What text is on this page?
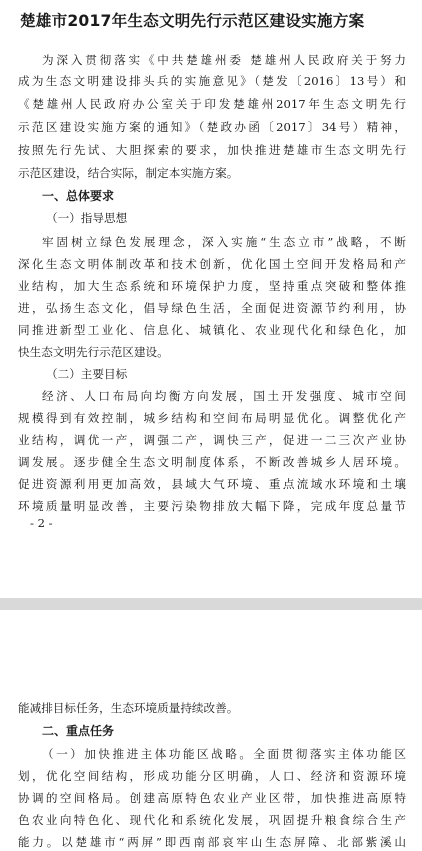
楚雄市2017年生态文明先行示范区建设实施方案
为深入贯彻落实《中共楚雄州委 楚雄州人民政府关于努力
成为生态文明建设排头兵的实施意见》（楚发〔2016〕13号）和
《楚雄州人民政府办公室关于印发楚雄州2017年生态文明先行
示范区建设实施方案的通知》（楚政办函〔2017〕34号）精神，
按照先行先试、大胆探索的要求，加快推进楚雄市生态文明先行
示范区建设，结合实际，制定本实施方案。
一、总体要求
（一）指导思想
牢固树立绿色发展理念，深入实施“生态立市”战略，不断
深化生态文明体制改革和技术创新，优化国土空间开发格局和产
业结构，加大生态系统和环境保护力度，坚持重点突破和整体推
进，弘扬生态文化，倡导绿色生活，全面促进资源节约利用，协
同推进新型工业化、信息化、城镇化、农业现代化和绿色化，加
快生态文明先行示范区建设。
（二）主要目标
经济、人口布局向均衡方向发展，国土开发强度、城市空间
规模得到有效控制，城乡结构和空间布局明显优化。调整优化产
业结构，调优一产，调强二产，调快三产，促进一二三次产业协
调发展。逐步健全生态文明制度体系，不断改善城乡人居环境。
促进资源利用更加高效，县域大气环境、重点流域水环境和土壤
环境质量明显改善，主要污染物排放大幅下降，完成年度总量节
- 2 -
能减排目标任务，生态环境质量持续改善。
二、重点任务
（一）加快推进主体功能区战略。全面贯彻落实主体功能区
划，优化空间结构，形成功能分区明确，人口、经济和资源环境
协调的空间格局。创建高原特色农业产业区带，加快推进高原特
色农业向特色化、现代化和系统化发展，巩固提升粮食综合生产
能力。以楚雄市“两屏”即西南部哀牢山生态屏障、北部紫溪山
